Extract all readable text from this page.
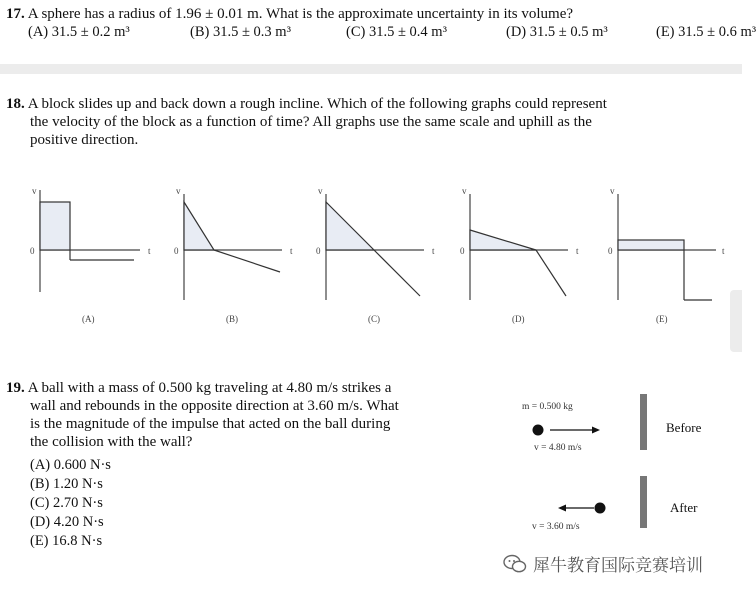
17. A sphere has a radius of 1.96 ± 0.01 m. What is the approximate uncertainty in its volume?
(A) 31.5 ± 0.2 m³	(B) 31.5 ± 0.3 m³	(C) 31.5 ± 0.4 m³	(D) 31.5 ± 0.5 m³	(E) 31.5 ± 0.6 m³
18. A block slides up and back down a rough incline. Which of the following graphs could represent
the velocity of the block as a function of time? All graphs use the same scale and uphill as the
positive direction.
v
0	t
v
0	t
v
0	t
v
0	t
v
0	t
(A)	(B)	(C)	(D)	(E)
19. A ball with a mass of 0.500 kg traveling at 4.80 m/s strikes a
wall and rebounds in the opposite direction at 3.60 m/s. What
is the magnitude of the impulse that acted on the ball during
the collision with the wall?
(A) 0.600 N·s
(B) 1.20 N·s
(C) 2.70 N·s
(D) 4.20 N·s
(E) 16.8 N·s
m = 0.500 kg
v = 4.80 m/s
v = 3.60 m/s
Before
After
犀牛教育国际竞赛培训
